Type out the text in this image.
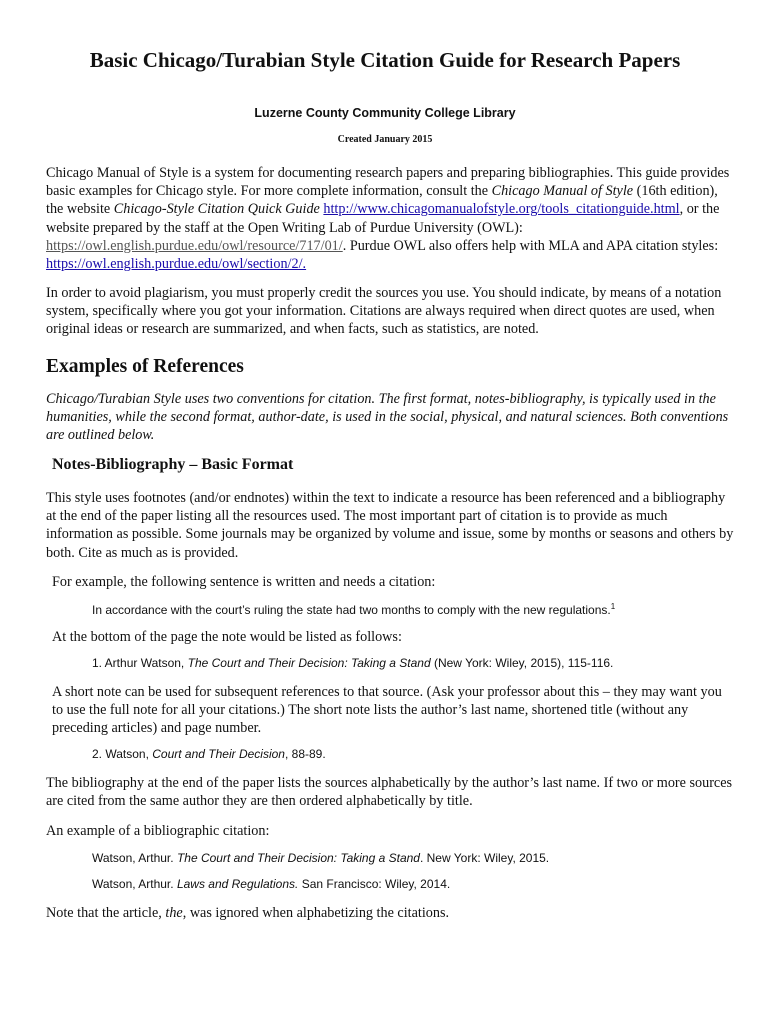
Basic Chicago/Turabian Style Citation Guide for Research Papers
Luzerne County Community College Library
Created January 2015
Chicago Manual of Style is a system for documenting research papers and preparing bibliographies. This guide provides basic examples for Chicago style. For more complete information, consult the Chicago Manual of Style (16th edition), the website Chicago-Style Citation Quick Guide http://www.chicagomanualofstyle.org/tools_citationguide.html, or the website prepared by the staff at the Open Writing Lab of Purdue University (OWL): https://owl.english.purdue.edu/owl/resource/717/01/. Purdue OWL also offers help with MLA and APA citation styles: https://owl.english.purdue.edu/owl/section/2/.
In order to avoid plagiarism, you must properly credit the sources you use. You should indicate, by means of a notation system, specifically where you got your information. Citations are always required when direct quotes are used, when original ideas or research are summarized, and when facts, such as statistics, are noted.
Examples of References
Chicago/Turabian Style uses two conventions for citation. The first format, notes-bibliography, is typically used in the humanities, while the second format, author-date, is used in the social, physical, and natural sciences. Both conventions are outlined below.
Notes-Bibliography – Basic Format
This style uses footnotes (and/or endnotes) within the text to indicate a resource has been referenced and a bibliography at the end of the paper listing all the resources used. The most important part of citation is to provide as much information as possible. Some journals may be organized by volume and issue, some by months or seasons and others by both. Cite as much as is provided.
For example, the following sentence is written and needs a citation:
In accordance with the court’s ruling the state had two months to comply with the new regulations.$^1$
At the bottom of the page the note would be listed as follows:
1. Arthur Watson, The Court and Their Decision: Taking a Stand (New York: Wiley, 2015), 115-116.
A short note can be used for subsequent references to that source. (Ask your professor about this – they may want you to use the full note for all your citations.) The short note lists the author’s last name, shortened title (without any preceding articles) and page number.
2. Watson, Court and Their Decision, 88-89.
The bibliography at the end of the paper lists the sources alphabetically by the author’s last name. If two or more sources are cited from the same author they are then ordered alphabetically by title.
An example of a bibliographic citation:
Watson, Arthur. The Court and Their Decision: Taking a Stand. New York: Wiley, 2015.
Watson, Arthur. Laws and Regulations. San Francisco: Wiley, 2014.
Note that the article, the, was ignored when alphabetizing the citations.
